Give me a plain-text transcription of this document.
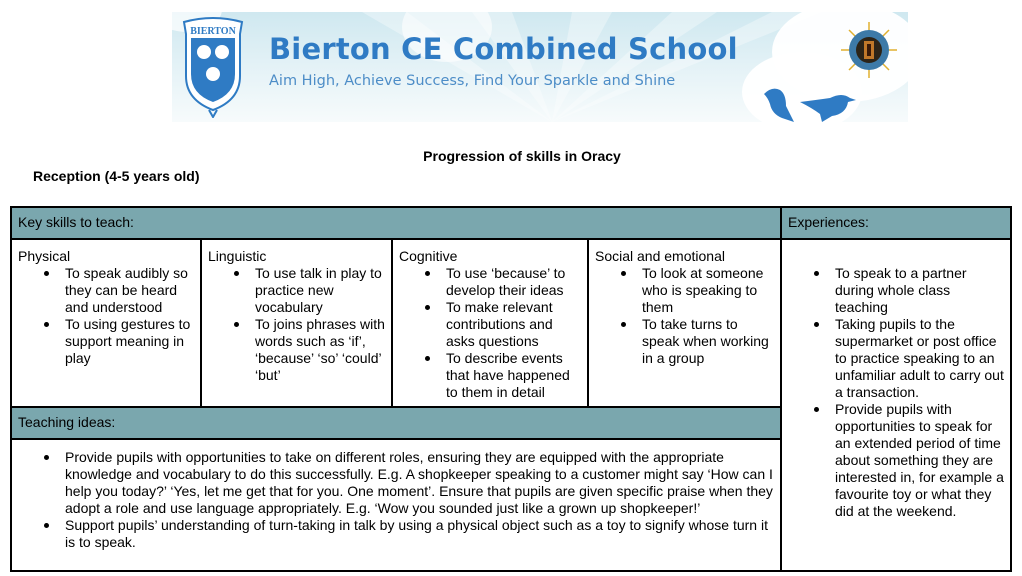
BIERTON
Bierton CE Combined School
Aim High, Achieve Success, Find Your Sparkle and Shine
Progression of skills in Oracy
Reception (4-5 years old)
Key skills to teach:	Experiences:
Physical
To speak audibly so they can be heard and understood
To using gestures to support meaning in play
Linguistic
To use talk in play to practice new vocabulary
To joins phrases with words such as ‘if’, ‘because’ ‘so’ ‘could’ ‘but’
Cognitive
To use ‘because’ to develop their ideas
To make relevant contributions and asks questions
To describe events that have happened to them in detail
Social and emotional
To look at someone who is speaking to them
To take turns to speak when working in a group
To speak to a partner during whole class teaching
Taking pupils to the supermarket or post office to practice speaking to an unfamiliar adult to carry out a transaction.
Provide pupils with opportunities to speak for an extended period of time about something they are interested in, for example a favourite toy or what they did at the weekend.
Teaching ideas:
Provide pupils with opportunities to take on different roles, ensuring they are equipped with the appropriate knowledge and vocabulary to do this successfully. E.g. A shopkeeper speaking to a customer might say ‘How can I help you today?’ ‘Yes, let me get that for you. One moment’. Ensure that pupils are given specific praise when they adopt a role and use language appropriately. E.g. ‘Wow you sounded just like a grown up shopkeeper!’
Support pupils’ understanding of turn-taking in talk by using a physical object such as a toy to signify whose turn it is to speak.
